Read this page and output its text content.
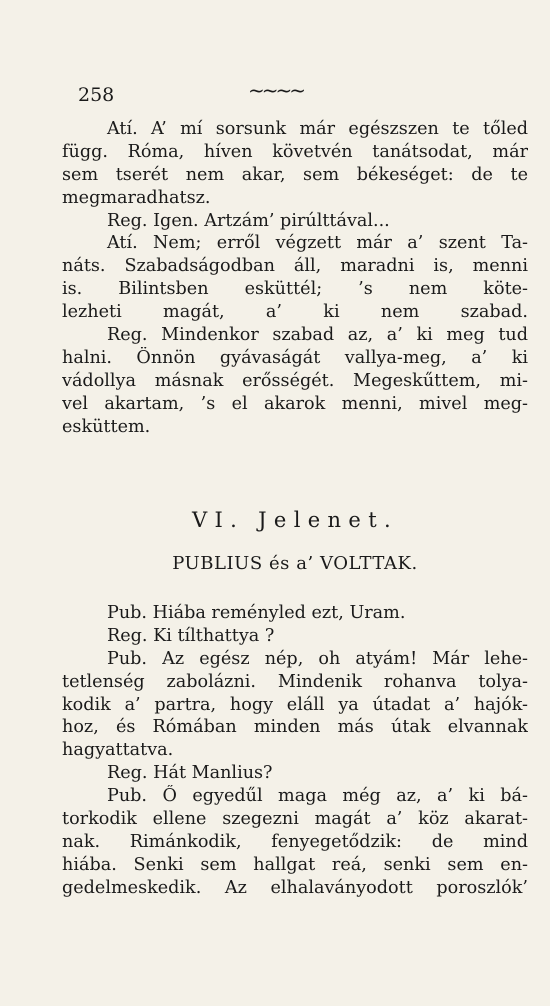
258	~~~~
Atí. A’ mí sorsunk már egészszen te tőled
függ. Róma, híven követvén tanátsodat, már
sem tserét nem akar, sem békeséget: de te
megmaradhatsz.
Reg. Igen. Artzám’ pirúlttával...
Atí. Nem; erről végzett már a’ szent Ta-
náts. Szabadságodban áll, maradni is, menni
is. Bilintsben esküttél; ’s nem köte-
lezheti magát, a’ ki nem szabad.
Reg. Mindenkor szabad az, a’ ki meg tud
halni. Önnön gyávaságát vallya-meg, a’ ki
vádollya másnak erősségét. Megeskűttem, mi-
vel akartam, ’s el akarok menni, mivel meg-
esküttem.
VI. Jelenet.
PUBLIUS és a’ VOLTTAK.
Pub. Hiába reményled ezt, Uram.
Reg. Ki tílthattya ?
Pub. Az egész nép, oh atyám! Már lehe-
tetlenség zabolázni. Mindenik rohanva tolya-
kodik a’ partra, hogy eláll ya útadat a’ hajók-
hoz, és Rómában minden más útak elvannak
hagyattatva.
Reg. Hát Manlius?
Pub. Ő egyedűl maga még az, a’ ki bá-
torkodik ellene szegezni magát a’ köz akarat-
nak. Rimánkodik, fenyegetődzik: de mind
hiába. Senki sem hallgat reá, senki sem en-
gedelmeskedik. Az elhalaványodott poroszlók’
